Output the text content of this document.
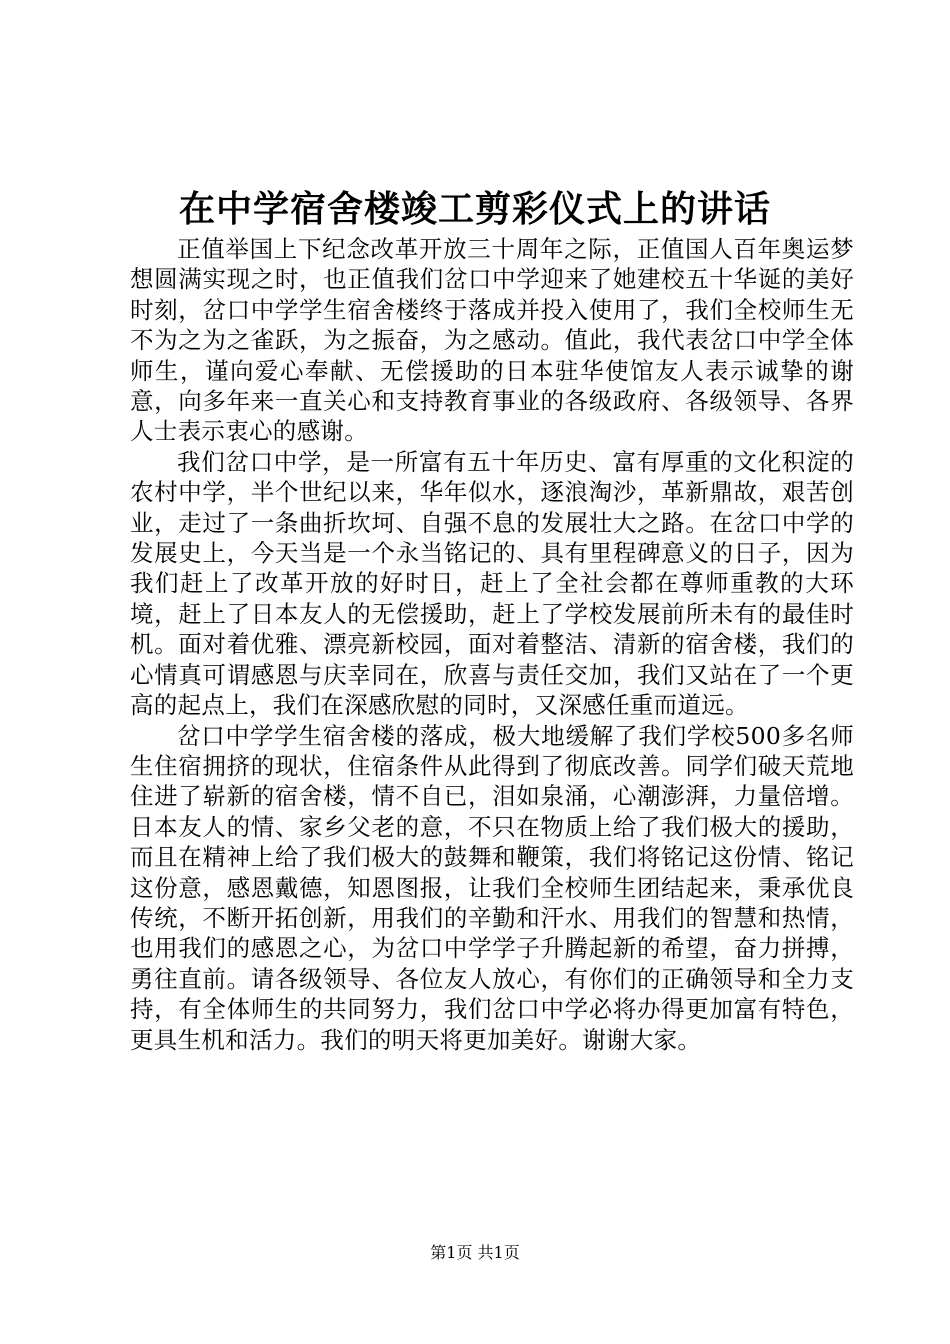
在中学宿舍楼竣工剪彩仪式上的讲话

正值举国上下纪念改革开放三十周年之际，正值国人百年奥运梦想圆满实现之时，也正值我们岔口中学迎来了她建校五十华诞的美好时刻，岔口中学学生宿舍楼终于落成并投入使用了，我们全校师生无不为之为之雀跃，为之振奋，为之感动。值此，我代表岔口中学全体师生，谨向爱心奉献、无偿援助的日本驻华使馆友人表示诚挚的谢意，向多年来一直关心和支持教育事业的各级政府、各级领导、各界人士表示衷心的感谢。

我们岔口中学，是一所富有五十年历史、富有厚重的文化积淀的农村中学，半个世纪以来，华年似水，逐浪淘沙，革新鼎故，艰苦创业，走过了一条曲折坎坷、自强不息的发展壮大之路。在岔口中学的发展史上，今天当是一个永当铭记的、具有里程碑意义的日子，因为我们赶上了改革开放的好时日，赶上了全社会都在尊师重教的大环境，赶上了日本友人的无偿援助，赶上了学校发展前所未有的最佳时机。面对着优雅、漂亮新校园，面对着整洁、清新的宿舍楼，我们的心情真可谓感恩与庆幸同在，欣喜与责任交加，我们又站在了一个更高的起点上，我们在深感欣慰的同时，又深感任重而道远。

岔口中学学生宿舍楼的落成，极大地缓解了我们学校500多名师生住宿拥挤的现状，住宿条件从此得到了彻底改善。同学们破天荒地住进了崭新的宿舍楼，情不自已，泪如泉涌，心潮澎湃，力量倍增。日本友人的情、家乡父老的意，不只在物质上给了我们极大的援助，而且在精神上给了我们极大的鼓舞和鞭策，我们将铭记这份情、铭记这份意，感恩戴德，知恩图报，让我们全校师生团结起来，秉承优良传统，不断开拓创新，用我们的辛勤和汗水、用我们的智慧和热情，也用我们的感恩之心，为岔口中学学子升腾起新的希望，奋力拼搏，勇往直前。请各级领导、各位友人放心，有你们的正确领导和全力支持，有全体师生的共同努力，我们岔口中学必将办得更加富有特色，更具生机和活力。我们的明天将更加美好。谢谢大家。

第1页 共1页
